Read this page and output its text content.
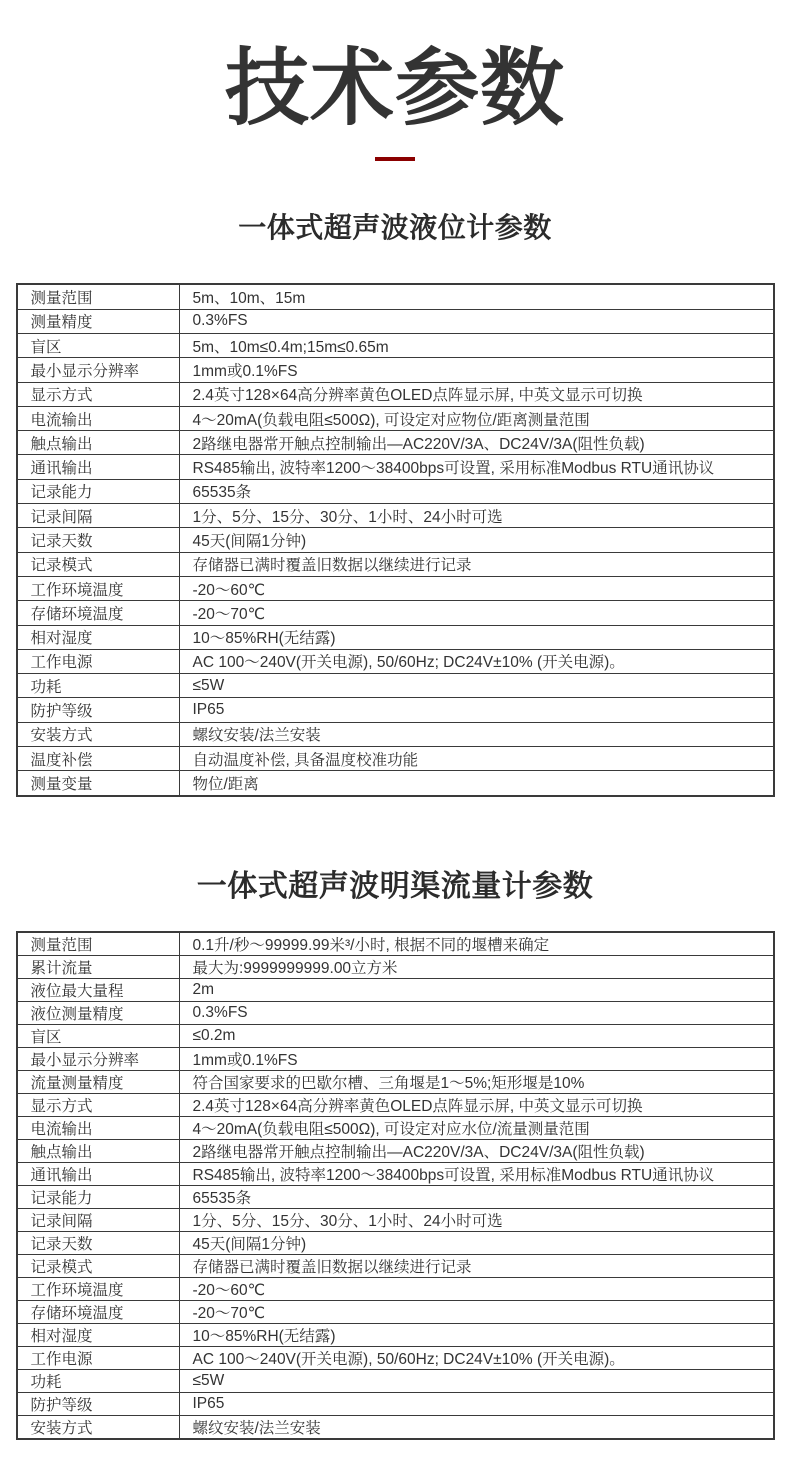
技术参数
一体式超声波液位计参数
测量范围	5m、10m、15m
测量精度	0.3%FS
盲区	5m、10m≤0.4m;15m≤0.65m
最小显示分辨率	1mm或0.1%FS
显示方式	2.4英寸128×64高分辨率黄色OLED点阵显示屏, 中英文显示可切换
电流输出	4～20mA(负载电阻≤500Ω), 可设定对应物位/距离测量范围
触点输出	2路继电器常开触点控制输出—AC220V/3A、DC24V/3A(阻性负载)
通讯输出	RS485输出, 波特率1200～38400bps可设置, 采用标准Modbus RTU通讯协议
记录能力	65535条
记录间隔	1分、5分、15分、30分、1小时、24小时可选
记录天数	45天(间隔1分钟)
记录模式	存储器已满时覆盖旧数据以继续进行记录
工作环境温度	-20～60℃
存储环境温度	-20～70℃
相对湿度	10～85%RH(无结露)
工作电源	AC 100～240V(开关电源), 50/60Hz; DC24V±10% (开关电源)。
功耗	≤5W
防护等级	IP65
安装方式	螺纹安装/法兰安装
温度补偿	自动温度补偿, 具备温度校准功能
测量变量	物位/距离
一体式超声波明渠流量计参数
测量范围	0.1升/秒～99999.99米³/小时, 根据不同的堰槽来确定
累计流量	最大为:9999999999.00立方米
液位最大量程	2m
液位测量精度	0.3%FS
盲区	≤0.2m
最小显示分辨率	1mm或0.1%FS
流量测量精度	符合国家要求的巴歇尔槽、三角堰是1～5%;矩形堰是10%
显示方式	2.4英寸128×64高分辨率黄色OLED点阵显示屏, 中英文显示可切换
电流输出	4～20mA(负载电阻≤500Ω), 可设定对应水位/流量测量范围
触点输出	2路继电器常开触点控制输出—AC220V/3A、DC24V/3A(阻性负载)
通讯输出	RS485输出, 波特率1200～38400bps可设置, 采用标准Modbus RTU通讯协议
记录能力	65535条
记录间隔	1分、5分、15分、30分、1小时、24小时可选
记录天数	45天(间隔1分钟)
记录模式	存储器已满时覆盖旧数据以继续进行记录
工作环境温度	-20～60℃
存储环境温度	-20～70℃
相对湿度	10～85%RH(无结露)
工作电源	AC 100～240V(开关电源), 50/60Hz; DC24V±10% (开关电源)。
功耗	≤5W
防护等级	IP65
安装方式	螺纹安装/法兰安装
